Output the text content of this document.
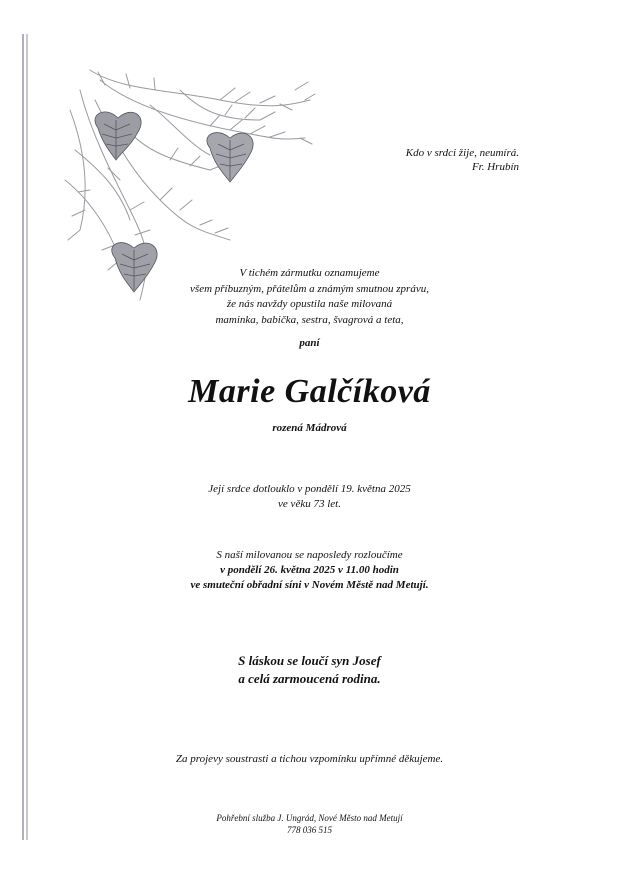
Kdo v srdci žije, neumírá.
Fr. Hrubín
V tichém zármutku oznamujeme
všem příbuzným, přátelům a známým smutnou zprávu,
že nás navždy opustila naše milovaná
maminka, babička, sestra, švagrová a teta,
paní
Marie Galčíková
rozená Mádrová
Její srdce dotlouklo v pondělí 19. května 2025
ve věku 73 let.
S naší milovanou se naposledy rozloučíme
v pondělí 26. května 2025 v 11.00 hodin
ve smuteční obřadní síni v Novém Městě nad Metují.
S láskou se loučí syn Josef
a celá zarmoucená rodina.
Za projevy soustrasti a tichou vzpomínku upřímné děkujeme.
Pohřební služba J. Ungrád, Nové Město nad Metují
778 036 515
